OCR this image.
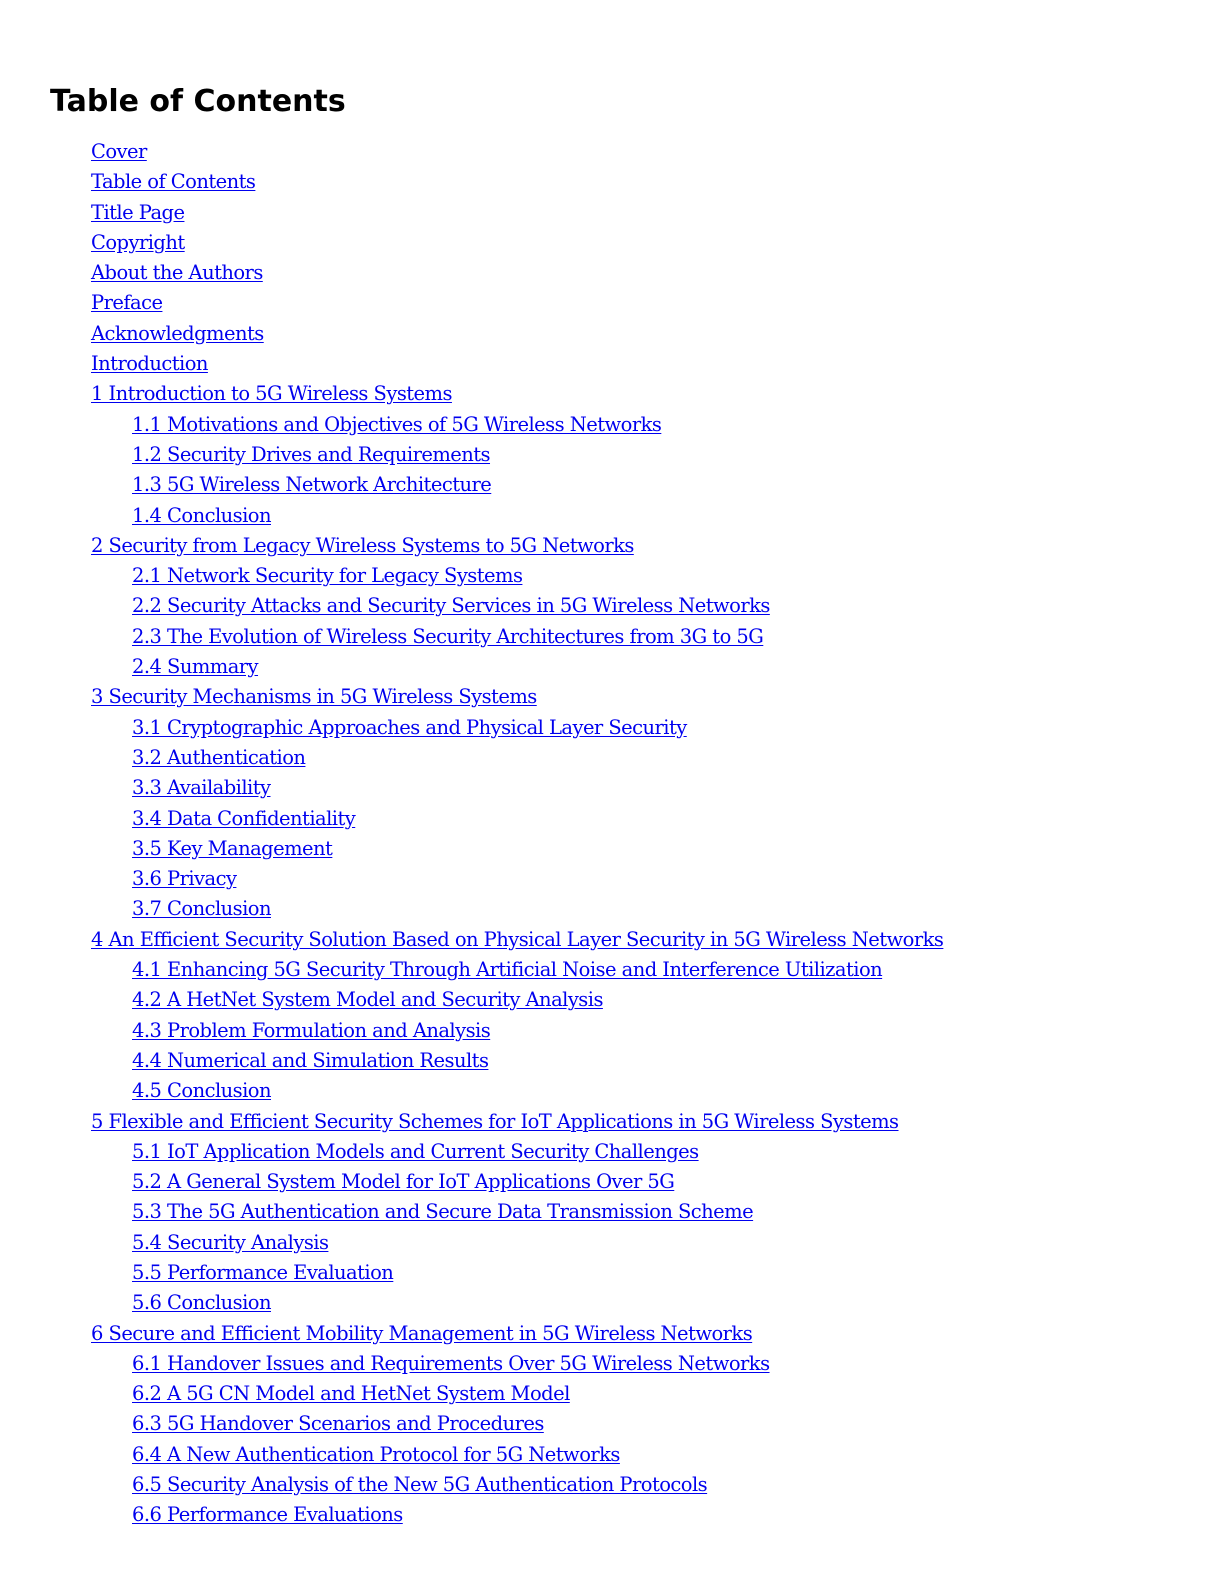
Table of Contents
Cover
Table of Contents
Title Page
Copyright
About the Authors
Preface
Acknowledgments
Introduction
1 Introduction to 5G Wireless Systems
1.1 Motivations and Objectives of 5G Wireless Networks
1.2 Security Drives and Requirements
1.3 5G Wireless Network Architecture
1.4 Conclusion
2 Security from Legacy Wireless Systems to 5G Networks
2.1 Network Security for Legacy Systems
2.2 Security Attacks and Security Services in 5G Wireless Networks
2.3 The Evolution of Wireless Security Architectures from 3G to 5G
2.4 Summary
3 Security Mechanisms in 5G Wireless Systems
3.1 Cryptographic Approaches and Physical Layer Security
3.2 Authentication
3.3 Availability
3.4 Data Confidentiality
3.5 Key Management
3.6 Privacy
3.7 Conclusion
4 An Efficient Security Solution Based on Physical Layer Security in 5G Wireless Networks
4.1 Enhancing 5G Security Through Artificial Noise and Interference Utilization
4.2 A HetNet System Model and Security Analysis
4.3 Problem Formulation and Analysis
4.4 Numerical and Simulation Results
4.5 Conclusion
5 Flexible and Efficient Security Schemes for IoT Applications in 5G Wireless Systems
5.1 IoT Application Models and Current Security Challenges
5.2 A General System Model for IoT Applications Over 5G
5.3 The 5G Authentication and Secure Data Transmission Scheme
5.4 Security Analysis
5.5 Performance Evaluation
5.6 Conclusion
6 Secure and Efficient Mobility Management in 5G Wireless Networks
6.1 Handover Issues and Requirements Over 5G Wireless Networks
6.2 A 5G CN Model and HetNet System Model
6.3 5G Handover Scenarios and Procedures
6.4 A New Authentication Protocol for 5G Networks
6.5 Security Analysis of the New 5G Authentication Protocols
6.6 Performance Evaluations
